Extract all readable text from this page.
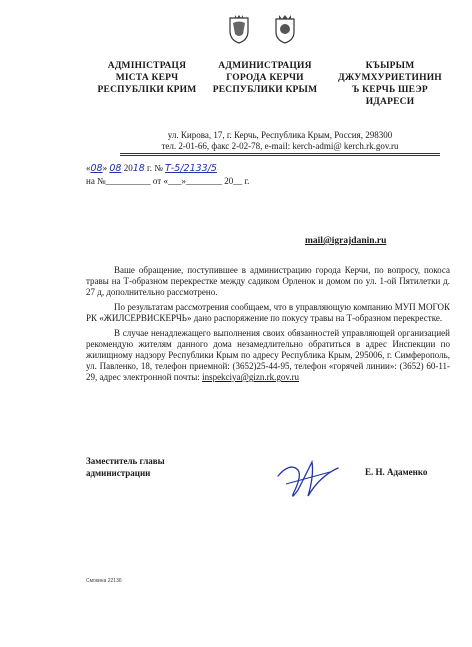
АДМІНІСТРАЦЯ
МІСТА КЕРЧ
РЕСПУБЛІКИ КРИМ
АДМИНИСТРАЦИЯ
ГОРОДА КЕРЧИ
РЕСПУБЛИКИ КРЫМ
КЪЫРЫМ
ДЖУМХУРИЕТИНИН
Ъ КЕРЧЬ ШЕЭР
ИДАРЕСИ
ул. Кирова, 17, г. Керчь, Республика Крым, Россия, 298300
тел. 2-01-66, факс 2-02-78, e-mail: kerch-admi@ kerch.rk.gov.ru
«08» 08 2018 г. № Т-5/2133/5
на №__________ от «___»________ 20__ г.
mail@igrajdanin.ru

Ваше обращение, поступившее в администрацию города Керчи, по вопросу, покоса травы на Т-образном перекрестке между садиком Орленок и домом по ул. 1-ой Пятилетки д. 27 д, дополнительно рассмотрено.

По результатам рассмотрения сообщаем, что в управляющую компанию МУП МОГОК РК «ЖИЛСЕРВИСКЕРЧЬ» дано распоряжение по покусу травы на Т-образном перекрестке.

В случае ненадлежащего выполнения своих обязанностей управляющей организацией рекомендую жителям данного дома незамедлительно обратиться в адрес Инспекции по жилищному надзору Республики Крым по адресу Республика Крым, 295006, г. Симферополь, ул. Павленко, 18, телефон приемной: (3652)25-44-95, телефон «горячей линии»: (3652) 60-11-29, адрес электронной почты: inspekciya@gizn.rk.gov.ru

Заместитель главы
администрации	Е. Н. Адаменко
Смокина 22136
